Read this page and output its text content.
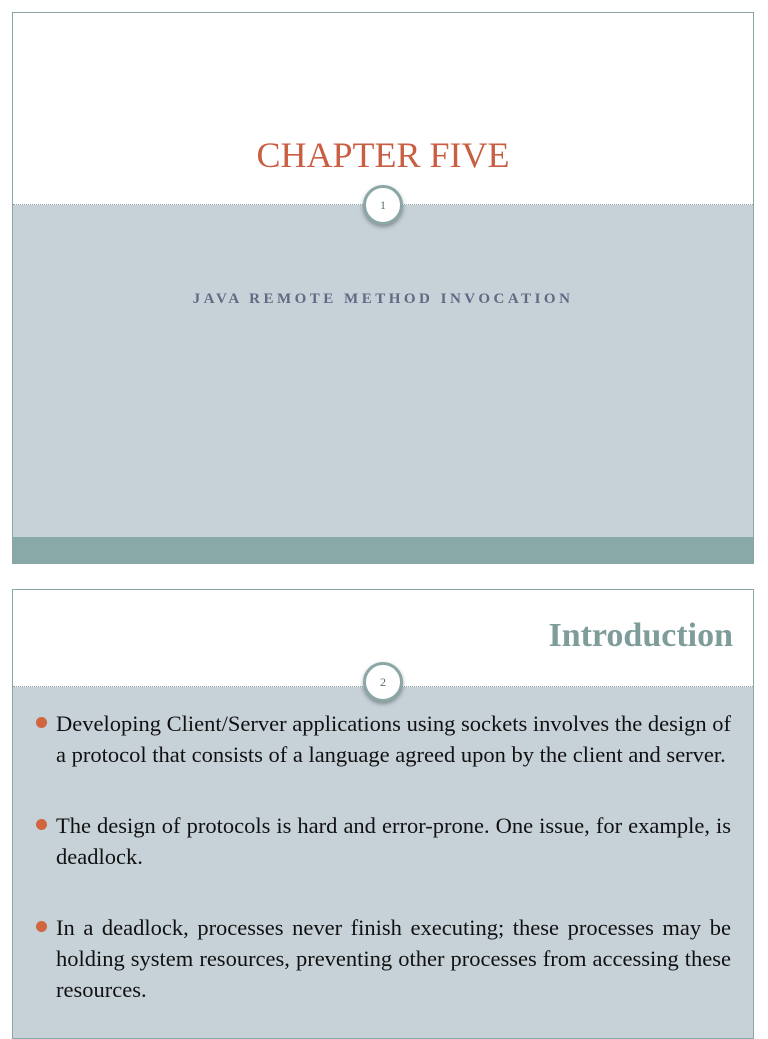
CHAPTER FIVE
1
JAVA REMOTE METHOD INVOCATION
Introduction
2
Developing Client/Server applications using sockets involves the design of a protocol that consists of a language agreed upon by the client and server.
The design of protocols is hard and error-prone. One issue, for example, is deadlock.
In a deadlock, processes never finish executing; these processes may be holding system resources, preventing other processes from accessing these resources.
